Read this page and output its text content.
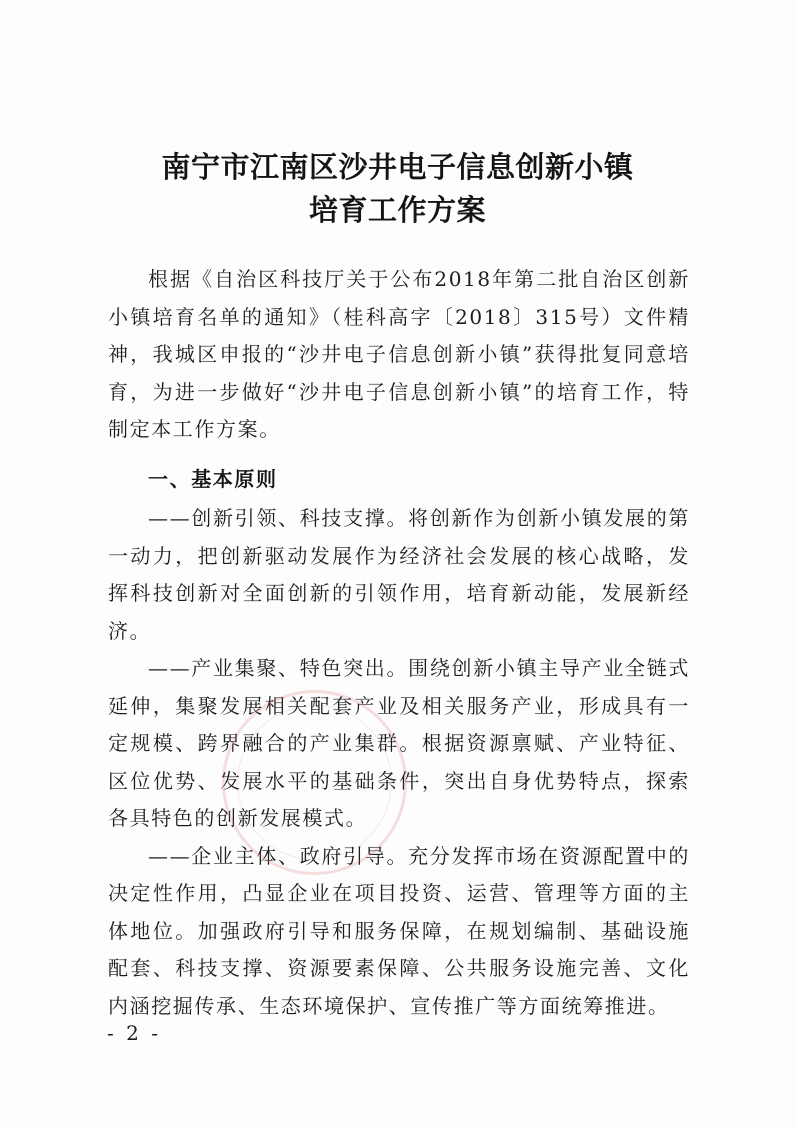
南宁市江南区沙井电子信息创新小镇
培育工作方案

根据《自治区科技厅关于公布2018年第二批自治区创新小镇培育名单的通知》（桂科高字〔2018〕315号）文件精神，我城区申报的“沙井电子信息创新小镇”获得批复同意培育，为进一步做好“沙井电子信息创新小镇”的培育工作，特制定本工作方案。

一、基本原则

——创新引领、科技支撑。将创新作为创新小镇发展的第一动力，把创新驱动发展作为经济社会发展的核心战略，发挥科技创新对全面创新的引领作用，培育新动能，发展新经济。

——产业集聚、特色突出。围绕创新小镇主导产业全链式延伸，集聚发展相关配套产业及相关服务产业，形成具有一定规模、跨界融合的产业集群。根据资源禀赋、产业特征、区位优势、发展水平的基础条件，突出自身优势特点，探索各具特色的创新发展模式。

——企业主体、政府引导。充分发挥市场在资源配置中的决定性作用，凸显企业在项目投资、运营、管理等方面的主体地位。加强政府引导和服务保障，在规划编制、基础设施配套、科技支撑、资源要素保障、公共服务设施完善、文化内涵挖掘传承、生态环境保护、宣传推广等方面统筹推进。

- 2 -
